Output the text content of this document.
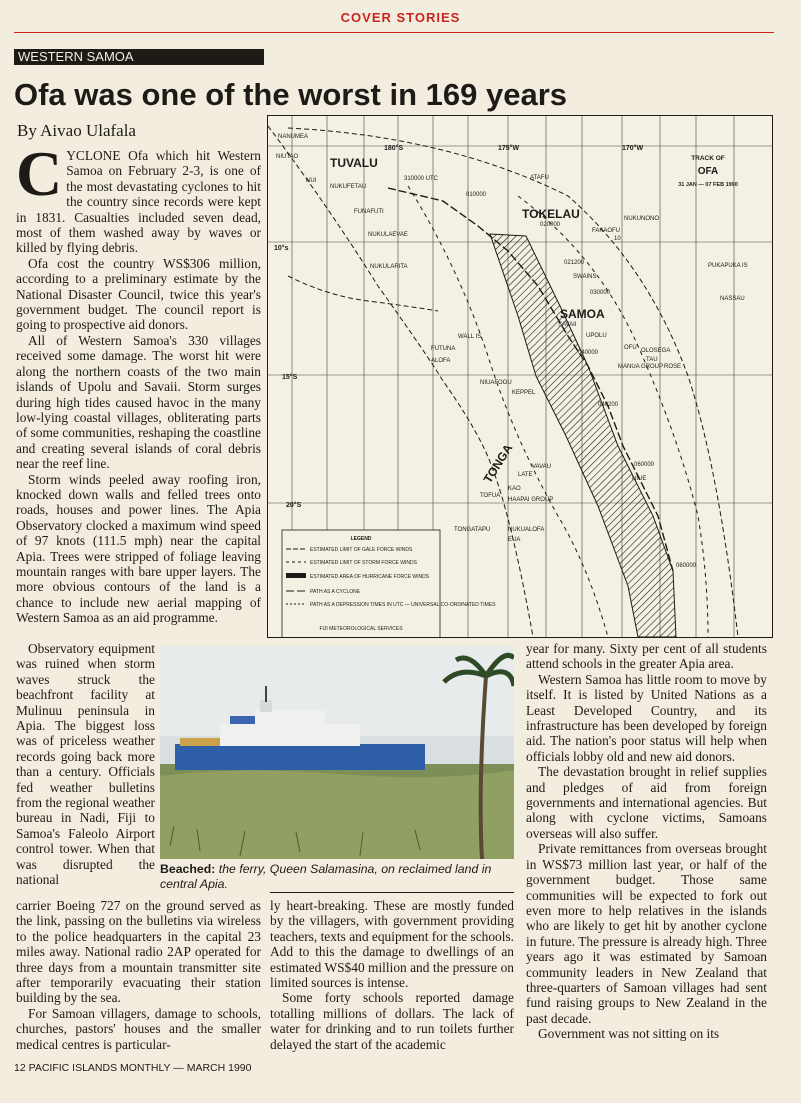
COVER STORIES
WESTERN SAMOA
Ofa was one of the worst in 169 years
By Aivao Ulafala

CYCLONE Ofa which hit Western Samoa on February 2-3, is one of the most devastating cyclones to hit the country since records were kept in 1831. Casualties included seven dead, most of them washed away by waves or killed by flying debris.

Ofa cost the country WS$306 million, according to a preliminary estimate by the National Disaster Council, twice this year's government budget. The council report is going to prospective aid donors.

All of Western Samoa's 330 villages received some damage. The worst hit were along the northern coasts of the two main islands of Upolu and Savaii. Storm surges during high tides caused havoc in the many low-lying coastal villages, obliterating parts of some communities, reshaping the coastline and creating several islands of coral debris near the reef line.

Storm winds peeled away roofing iron, knocked down walls and felled trees onto roads, houses and power lines. The Apia Observatory clocked a maximum wind speed of 97 knots (111.5 mph) near the capital Apia. Trees were stripped of foliage leaving mountain ranges with bare upper layers. The more obvious contours of the land is a chance to include new aerial mapping of Western Samoa as an aid programme.

Observatory equipment was ruined when storm waves struck the beachfront facility at Mulinuu peninsula in Apia. The biggest loss was of priceless weather records going back more than a century. Officials fed weather bulletins from the regional weather bureau in Nadi, Fiji to Samoa's Faleolo Airport control tower. When that was disrupted the national

carrier Boeing 727 on the ground served as the link, passing on the bulletins via wireless to the police headquarters in the capital 23 miles away. National radio 2AP operated for three days from a mountain transmitter site after temporarily evacuating their station building by the sea.

For Samoan villagers, damage to schools, churches, pastors' houses and the smaller medical centres is particular-

ly heart-breaking. These are mostly funded by the villagers, with government providing teachers, texts and equipment for the schools. Add to this the damage to dwellings of an estimated WS$40 million and the pressure on limited sources is intense.

Some forty schools reported damage totalling millions of dollars. The lack of water for drinking and to run toilets further delayed the start of the academic

year for many. Sixty per cent of all students attend schools in the greater Apia area.

Western Samoa has little room to move by itself. It is listed by United Nations as a Least Developed Country, and its infrastructure has been developed by foreign aid. The nation's poor status will help when officials lobby old and new aid donors.

The devastation brought in relief supplies and pledges of aid from foreign governments and international agencies. But along with cyclone victims, Samoans overseas will also suffer.

Private remittances from overseas brought in WS$73 million last year, or half of the government budget. Those same communities will be expected to fork out even more to help relatives in the islands who are likely to get hit by another cyclone in future. The pressure is already high. Three years ago it was estimated by Samoan community leaders in New Zealand that three-quarters of Samoan villages had sent fund raising groups to New Zealand in the past decade.

Government was not sitting on its

NANUMEA
NIUTAO
NUI
NUKUFETAU
FUNAFUTI
NUKULAEVAE
NUKULARITA
ATAFU
NUKUNONO
FAKAOFU
PUKAPUKA IS
NASSAU
SWAINS
SAVAII
UPOLU
OFU OLOSEGA
TAU
MANUA GROUP ROSE
WALL IS
FUTUNA
ALOFA
NIUAFOOU
KEPPEL
VAVAU
LATE
NIUE
KAO
TOFUA
HAAPAI GROUP
TONGATAPU	NUKUALOFA
EUA
310000 UTC
010000
020000
021200
030000
040000
040200
060000
060000
10
TUVALU
TOKELAU
SAMOA
TONGA
180°S	175°W	170°W
10°s
15°S
20°S
TRACK OF
OFA
31 JAN — 07 FEB 1990
LEGEND
ESTIMATED LIMIT OF GALE FORCE WINDS
ESTIMATED LIMIT OF STORM FORCE WINDS
ESTIMATED AREA OF HURRICANE FORCE WINDS
PATH AS A CYCLONE
PATH AS A DEPRESSION TIMES IN UTC — UNIVERSAL CO-ORDINATED TIMES
FIJI METEOROLOGICAL SERVICES
Beached: the ferry, Queen Salamasina, on reclaimed land in central Apia.
12 PACIFIC ISLANDS MONTHLY — MARCH 1990
